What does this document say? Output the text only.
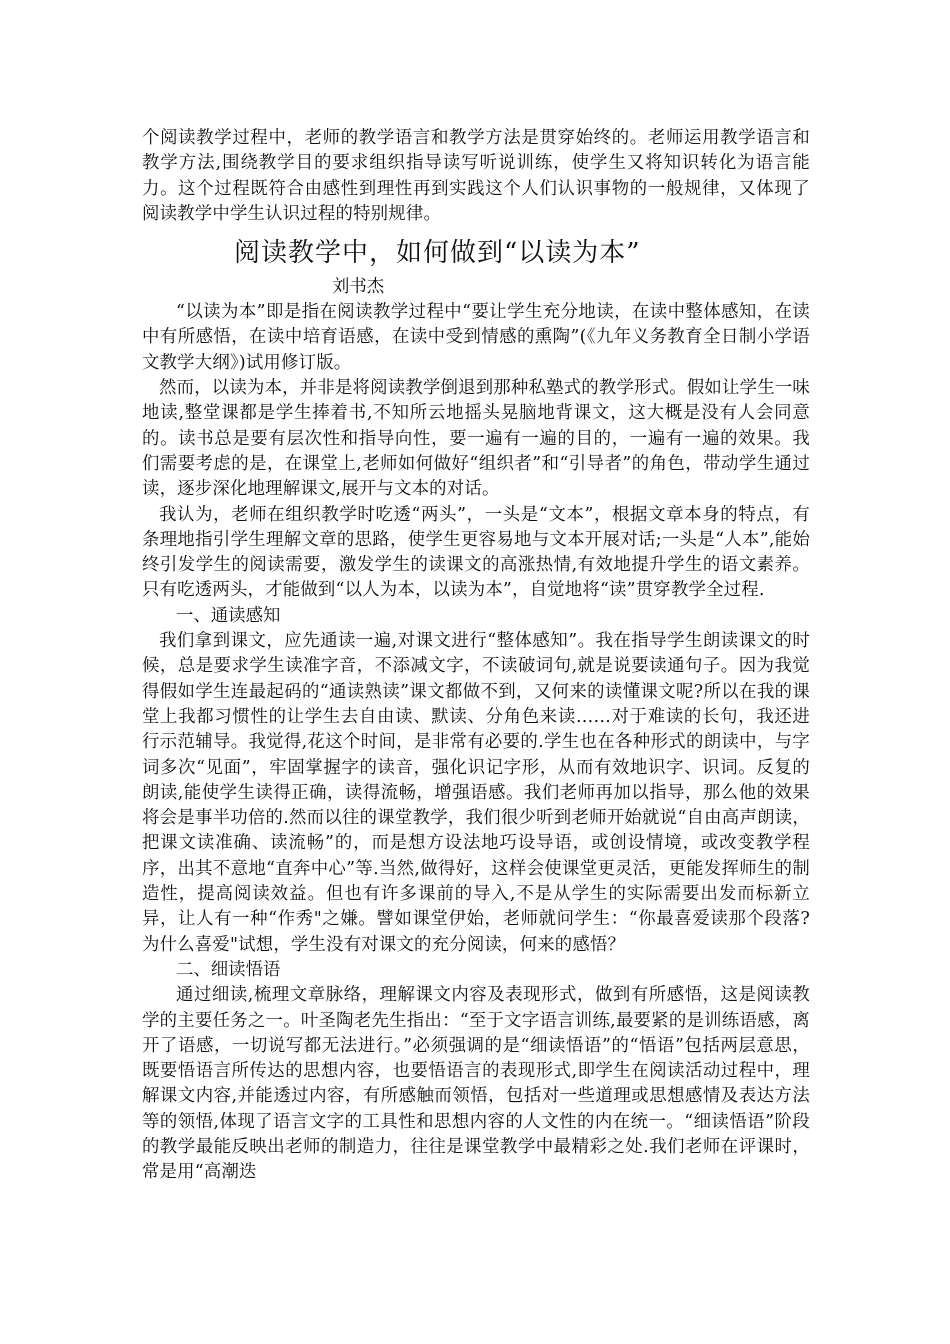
个阅读教学过程中，老师的教学语言和教学方法是贯穿始终的。老师运用教学语言和教学方法,围绕教学目的要求组织指导读写听说训练，使学生又将知识转化为语言能力。这个过程既符合由感性到理性再到实践这个人们认识事物的一般规律，又体现了阅读教学中学生认识过程的特别规律。

阅读教学中，如何做到“以读为本”

刘书杰

“以读为本”即是指在阅读教学过程中“要让学生充分地读，在读中整体感知，在读中有所感悟，在读中培育语感，在读中受到情感的熏陶”(《九年义务教育全日制小学语文教学大纲》)试用修订版。

然而，以读为本，并非是将阅读教学倒退到那种私塾式的教学形式。假如让学生一味地读,整堂课都是学生捧着书,不知所云地摇头晃脑地背课文，这大概是没有人会同意的。读书总是要有层次性和指导向性，要一遍有一遍的目的，一遍有一遍的效果。我们需要考虑的是，在课堂上,老师如何做好“组织者”和“引导者”的角色，带动学生通过读，逐步深化地理解课文,展开与文本的对话。

我认为，老师在组织教学时吃透“两头”，一头是“文本”，根据文章本身的特点，有条理地指引学生理解文章的思路，使学生更容易地与文本开展对话;一头是“人本”,能始终引发学生的阅读需要，激发学生的读课文的高涨热情,有效地提升学生的语文素养。只有吃透两头，才能做到“以人为本，以读为本”，自觉地将“读”贯穿教学全过程.

一、通读感知

我们拿到课文，应先通读一遍,对课文进行“整体感知”。我在指导学生朗读课文的时候，总是要求学生读准字音，不添减文字，不读破词句,就是说要读通句子。因为我觉得假如学生连最起码的“通读熟读”课文都做不到，又何来的读懂课文呢?所以在我的课堂上我都习惯性的让学生去自由读、默读、分角色来读……对于难读的长句，我还进行示范辅导。我觉得,花这个时间，是非常有必要的.学生也在各种形式的朗读中，与字词多次“见面”，牢固掌握字的读音，强化识记字形，从而有效地识字、识词。反复的朗读,能使学生读得正确，读得流畅，增强语感。我们老师再加以指导，那么他的效果将会是事半功倍的.然而以往的课堂教学，我们很少听到老师开始就说“自由高声朗读，把课文读准确、读流畅”的，而是想方设法地巧设导语，或创设情境，或改变教学程序，出其不意地“直奔中心”等.当然,做得好，这样会使课堂更灵活，更能发挥师生的制造性，提高阅读效益。但也有许多课前的导入,不是从学生的实际需要出发而标新立异，让人有一种“作秀"之嫌。譬如课堂伊始，老师就问学生：“你最喜爱读那个段落?为什么喜爱"试想，学生没有对课文的充分阅读，何来的感悟？

二、细读悟语

通过细读,梳理文章脉络，理解课文内容及表现形式，做到有所感悟，这是阅读教学的主要任务之一。叶圣陶老先生指出：“至于文字语言训练,最要紧的是训练语感，离开了语感，一切说写都无法进行。”必须强调的是“细读悟语”的“悟语”包括两层意思，既要悟语言所传达的思想内容，也要悟语言的表现形式,即学生在阅读活动过程中，理解课文内容,并能透过内容，有所感触而领悟，包括对一些道理或思想感情及表达方法等的领悟,体现了语言文字的工具性和思想内容的人文性的内在统一。“细读悟语”阶段的教学最能反映出老师的制造力，往往是课堂教学中最精彩之处.我们老师在评课时，常是用“高潮迭
